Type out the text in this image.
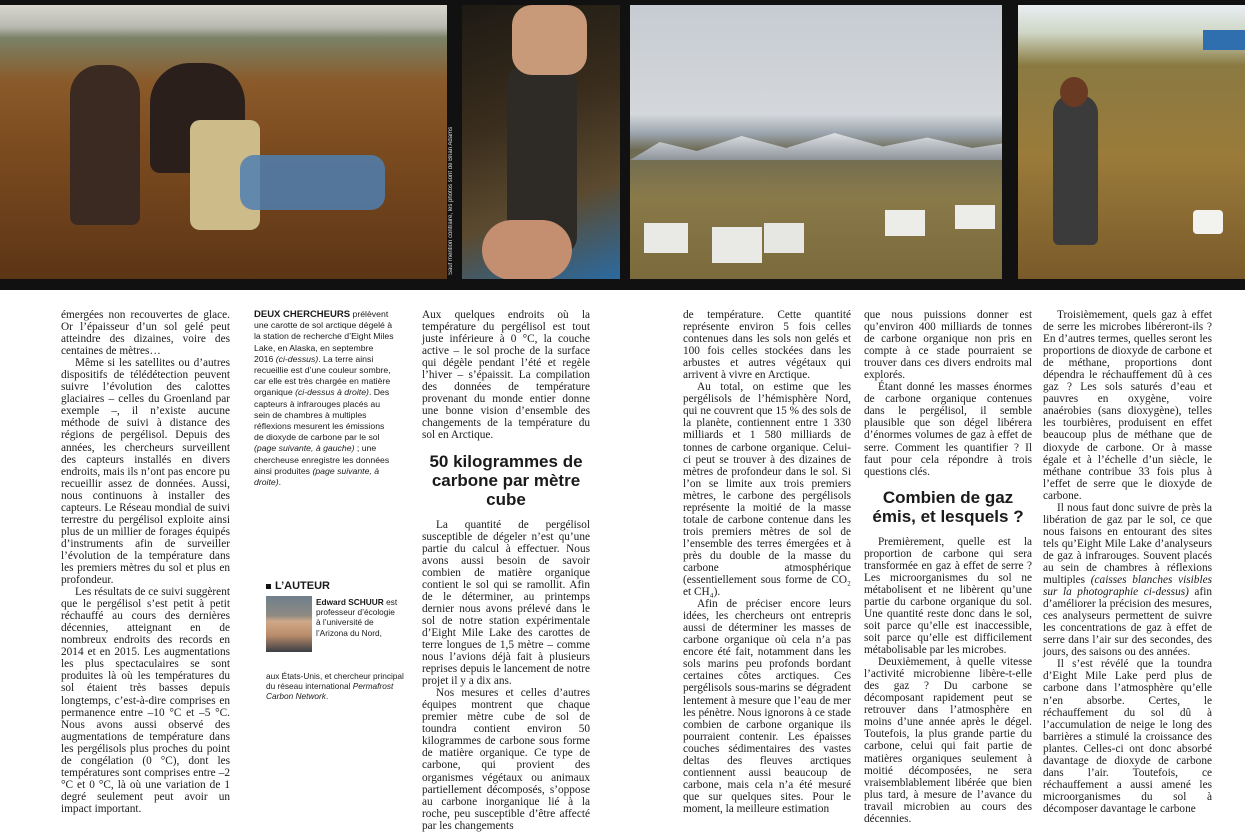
Sauf mention contraire, les photos sont de Brian Adams

émergées non recouvertes de glace. Or l’épaisseur d’un sol gelé peut atteindre des dizaines, voire des centaines de mètres…

Même si les satellites ou d’autres dispositifs de télédétection peuvent suivre l’évolution des calottes glaciaires – celles du Groenland par exemple –, il n’existe aucune méthode de suivi à distance des régions de pergélisol. Depuis des années, les chercheurs surveillent des capteurs installés en divers endroits, mais ils n’ont pas encore pu recueillir assez de données. Aussi, nous continuons à installer des capteurs. Le Réseau mondial de suivi terrestre du pergélisol exploite ainsi plus de un millier de forages équipés d’instruments afin de surveiller l’évolution de la température dans les premiers mètres du sol et plus en profondeur.

Les résultats de ce suivi suggèrent que le pergélisol s’est petit à petit réchauffé au cours des dernières décennies, atteignant en de nombreux endroits des records en 2014 et en 2015. Les augmentations les plus spectaculaires se sont produites là où les températures du sol étaient très basses depuis longtemps, c’est-à-dire comprises en permanence entre –10 °C et –5 °C. Nous avons aussi observé des augmentations de température dans les pergélisols plus proches du point de congélation (0 °C), dont les températures sont comprises entre –2 °C et 0 °C, là où une variation de 1 degré seulement peut avoir un impact important.

DEUX CHERCHEURS prélèvent une carotte de sol arctique dégelé à la station de recherche d’Eight Miles Lake, en Alaska, en septembre 2016 (ci-dessus). La terre ainsi recueillie est d’une couleur sombre, car elle est très chargée en matière organique (ci-dessus à droite). Des capteurs à infrarouges placés au sein de chambres à multiples réflexions mesurent les émissions de dioxyde de carbone par le sol (page suivante, à gauche) ; une chercheuse enregistre les données ainsi produites (page suivante, à droite).
L’AUTEUR
Edward SCHUUR est professeur d’écologie à l’université de l’Arizona du Nord,
aux États-Unis, et chercheur principal du réseau international Permafrost Carbon Network.

Aux quelques endroits où la température du pergélisol est tout juste inférieure à 0 °C, la couche active – le sol proche de la surface qui dégèle pendant l’été et regèle l’hiver – s’épaissit. La compilation des données de température provenant du monde entier donne une bonne vision d’ensemble des changements de la température du sol en Arctique.

50 kilogrammes de carbone par mètre cube

La quantité de pergélisol susceptible de dégeler n’est qu’une partie du calcul à effectuer. Nous avons aussi besoin de savoir combien de matière organique contient le sol qui se ramollit. Afin de le déterminer, au printemps dernier nous avons prélevé dans le sol de notre station expérimentale d’Eight Mile Lake des carottes de terre longues de 1,5 mètre – comme nous l’avions déjà fait à plusieurs reprises depuis le lancement de notre projet il y a dix ans.

Nos mesures et celles d’autres équipes montrent que chaque premier mètre cube de sol de toundra contient environ 50 kilogrammes de carbone sous forme de matière organique. Ce type de carbone, qui provient des organismes végétaux ou animaux partiellement décomposés, s’oppose au carbone inorganique lié à la roche, peu susceptible d’être affecté par les changements

de température. Cette quantité représente environ 5 fois celles contenues dans les sols non gelés et 100 fois celles stockées dans les arbustes et autres végétaux qui arrivent à vivre en Arctique.

Au total, on estime que les pergélisols de l’hémisphère Nord, qui ne couvrent que 15 % des sols de la planète, contiennent entre 1 330 milliards et 1 580 milliards de tonnes de carbone organique. Celui-ci peut se trouver à des dizaines de mètres de profondeur dans le sol. Si l’on se limite aux trois premiers mètres, le carbone des pergélisols représente la moitié de la masse totale de carbone contenue dans les trois premiers mètres de sol de l’ensemble des terres émergées et à près du double de la masse du carbone atmosphérique (essentiellement sous forme de CO₂ et CH₄).

Afin de préciser encore leurs idées, les chercheurs ont entrepris aussi de déterminer les masses de carbone organique où cela n’a pas encore été fait, notamment dans les sols marins peu profonds bordant certaines côtes arctiques. Ces pergélisols sous-marins se dégradent lentement à mesure que l’eau de mer les pénètre. Nous ignorons à ce stade combien de carbone organique ils pourraient contenir. Les épaisses couches sédimentaires des vastes deltas des fleuves arctiques contiennent aussi beaucoup de carbone, mais cela n’a été mesuré que sur quelques sites. Pour le moment, la meilleure estimation

que nous puissions donner est qu’environ 400 milliards de tonnes de carbone organique non pris en compte à ce stade pourraient se trouver dans ces divers endroits mal explorés.

Étant donné les masses énormes de carbone organique contenues dans le pergélisol, il semble plausible que son dégel libérera d’énormes volumes de gaz à effet de serre. Comment les quantifier ? Il faut pour cela répondre à trois questions clés.

Combien de gaz émis, et lesquels ?

Premièrement, quelle est la proportion de carbone qui sera transformée en gaz à effet de serre ? Les microorganismes du sol ne métabolisent et ne libèrent qu’une partie du carbone organique du sol. Une quantité reste donc dans le sol, soit parce qu’elle est inaccessible, soit parce qu’elle est difficilement métabolisable par les microbes.

Deuxièmement, à quelle vitesse l’activité microbienne libère-t-elle des gaz ? Du carbone se décomposant rapidement peut se retrouver dans l’atmosphère en moins d’une année après le dégel. Toutefois, la plus grande partie du carbone, celui qui fait partie de matières organiques seulement à moitié décomposées, ne sera vraisemblablement libérée que bien plus tard, à mesure de l’avance du travail microbien au cours des décennies.

Troisièmement, quels gaz à effet de serre les microbes libéreront-ils ? En d’autres termes, quelles seront les proportions de dioxyde de carbone et de méthane, proportions dont dépendra le réchauffement dû à ces gaz ? Les sols saturés d’eau et pauvres en oxygène, voire anaérobies (sans dioxygène), telles les tourbières, produisent en effet beaucoup plus de méthane que de dioxyde de carbone. Or à masse égale et à l’échelle d’un siècle, le méthane contribue 33 fois plus à l’effet de serre que le dioxyde de carbone.

Il nous faut donc suivre de près la libération de gaz par le sol, ce que nous faisons en entourant des sites tels qu’Eight Mile Lake d’analyseurs de gaz à infrarouges. Souvent placés au sein de chambres à réflexions multiples (caisses blanches visibles sur la photographie ci-dessus) afin d’améliorer la précision des mesures, ces analyseurs permettent de suivre les concentrations de gaz à effet de serre dans l’air sur des secondes, des jours, des saisons ou des années.

Il s’est révélé que la toundra d’Eight Mile Lake perd plus de carbone dans l’atmosphère qu’elle n’en absorbe. Certes, le réchauffement du sol dû à l’accumulation de neige le long des barrières a stimulé la croissance des plantes. Celles-ci ont donc absorbé davantage de dioxyde de carbone dans l’air. Toutefois, ce réchauffement a aussi amené les microorganismes du sol à décomposer davantage le carbone
